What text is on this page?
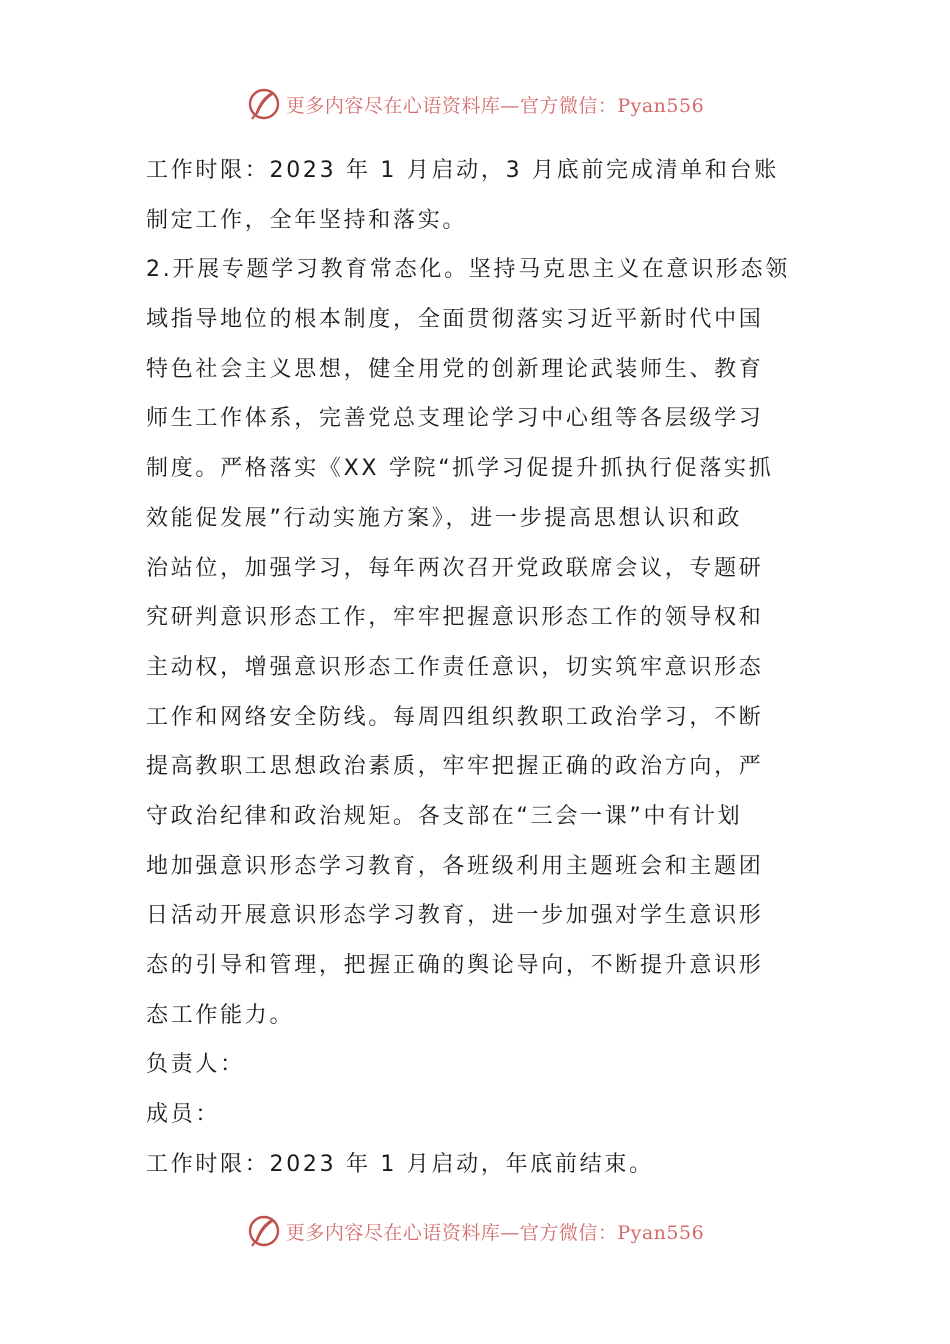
更多内容尽在心语资料库—官方微信：Pyan556
工作时限：2023 年 1 月启动，3 月底前完成清单和台账
制定工作，全年坚持和落实。
2.开展专题学习教育常态化。坚持马克思主义在意识形态领
域指导地位的根本制度，全面贯彻落实习近平新时代中国
特色社会主义思想，健全用党的创新理论武装师生、教育
师生工作体系，完善党总支理论学习中心组等各层级学习
制度。严格落实《XX 学院“抓学习促提升抓执行促落实抓
效能促发展”行动实施方案》，进一步提高思想认识和政
治站位，加强学习，每年两次召开党政联席会议，专题研
究研判意识形态工作，牢牢把握意识形态工作的领导权和
主动权，增强意识形态工作责任意识，切实筑牢意识形态
工作和网络安全防线。每周四组织教职工政治学习，不断
提高教职工思想政治素质，牢牢把握正确的政治方向，严
守政治纪律和政治规矩。各支部在“三会一课”中有计划
地加强意识形态学习教育，各班级利用主题班会和主题团
日活动开展意识形态学习教育，进一步加强对学生意识形
态的引导和管理，把握正确的舆论导向，不断提升意识形
态工作能力。
负责人：
成员：
工作时限：2023 年 1 月启动，年底前结束。
更多内容尽在心语资料库—官方微信：Pyan556
